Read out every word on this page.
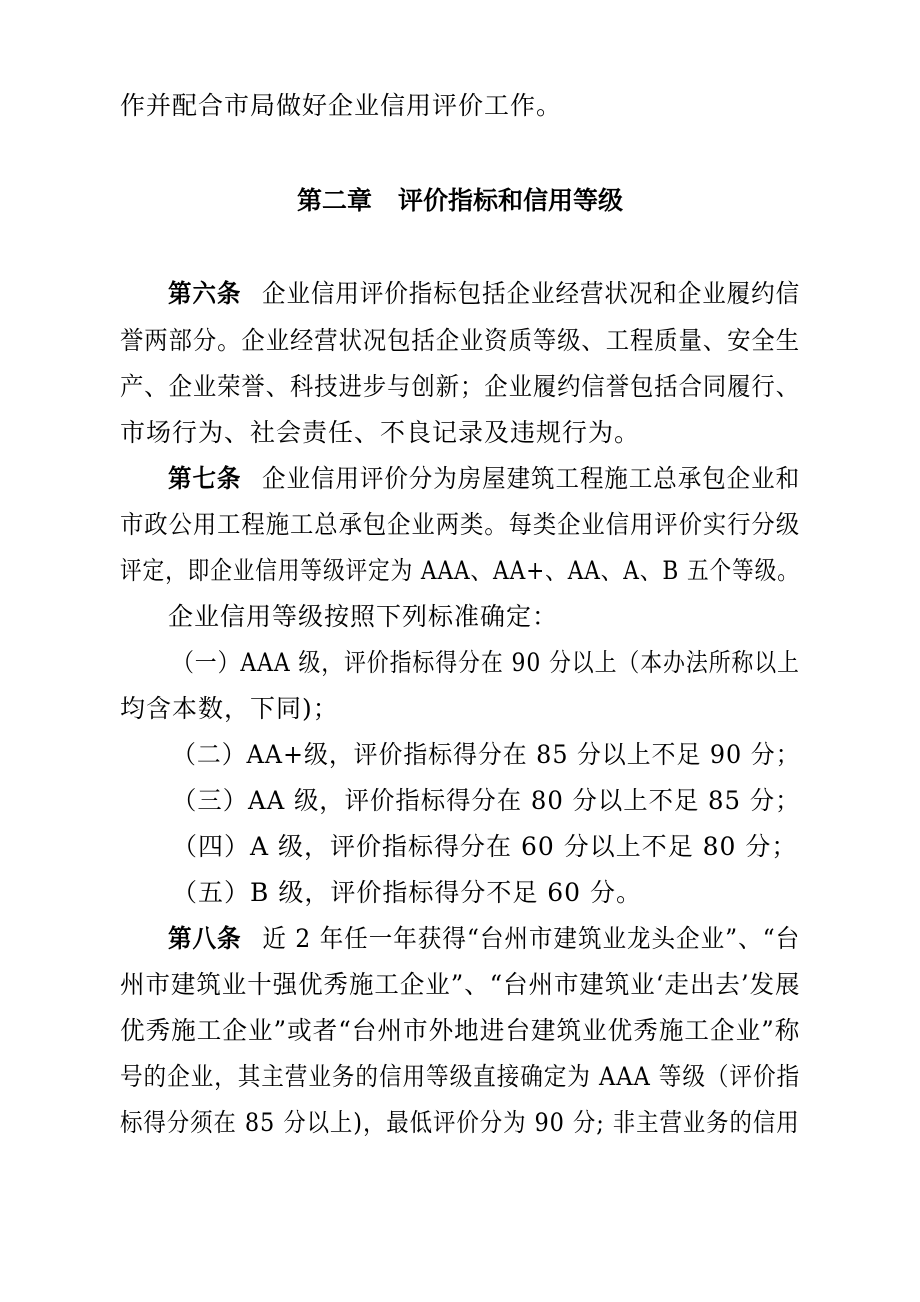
作并配合市局做好企业信用评价工作。
第二章 评价指标和信用等级
第六条 企业信用评价指标包括企业经营状况和企业履约信
誉两部分。企业经营状况包括企业资质等级、工程质量、安全生
产、企业荣誉、科技进步与创新；企业履约信誉包括合同履行、
市场行为、社会责任、不良记录及违规行为。
第七条 企业信用评价分为房屋建筑工程施工总承包企业和
市政公用工程施工总承包企业两类。每类企业信用评价实行分级
评定，即企业信用等级评定为 AAA、AA+、AA、A、B 五个等级。
企业信用等级按照下列标准确定：
（一）AAA 级，评价指标得分在 90 分以上（本办法所称以上
均含本数，下同)；
（二）AA+级，评价指标得分在 85 分以上不足 90 分；
（三）AA 级，评价指标得分在 80 分以上不足 85 分；
（四）A 级，评价指标得分在 60 分以上不足 80 分；
（五）B 级，评价指标得分不足 60 分。
第八条 近 2 年任一年获得“台州市建筑业龙头企业”、“台
州市建筑业十强优秀施工企业”、“台州市建筑业‘走出去’发展
优秀施工企业”或者“台州市外地进台建筑业优秀施工企业”称
号的企业，其主营业务的信用等级直接确定为 AAA 等级（评价指
标得分须在 85 分以上)，最低评价分为 90 分; 非主营业务的信用
